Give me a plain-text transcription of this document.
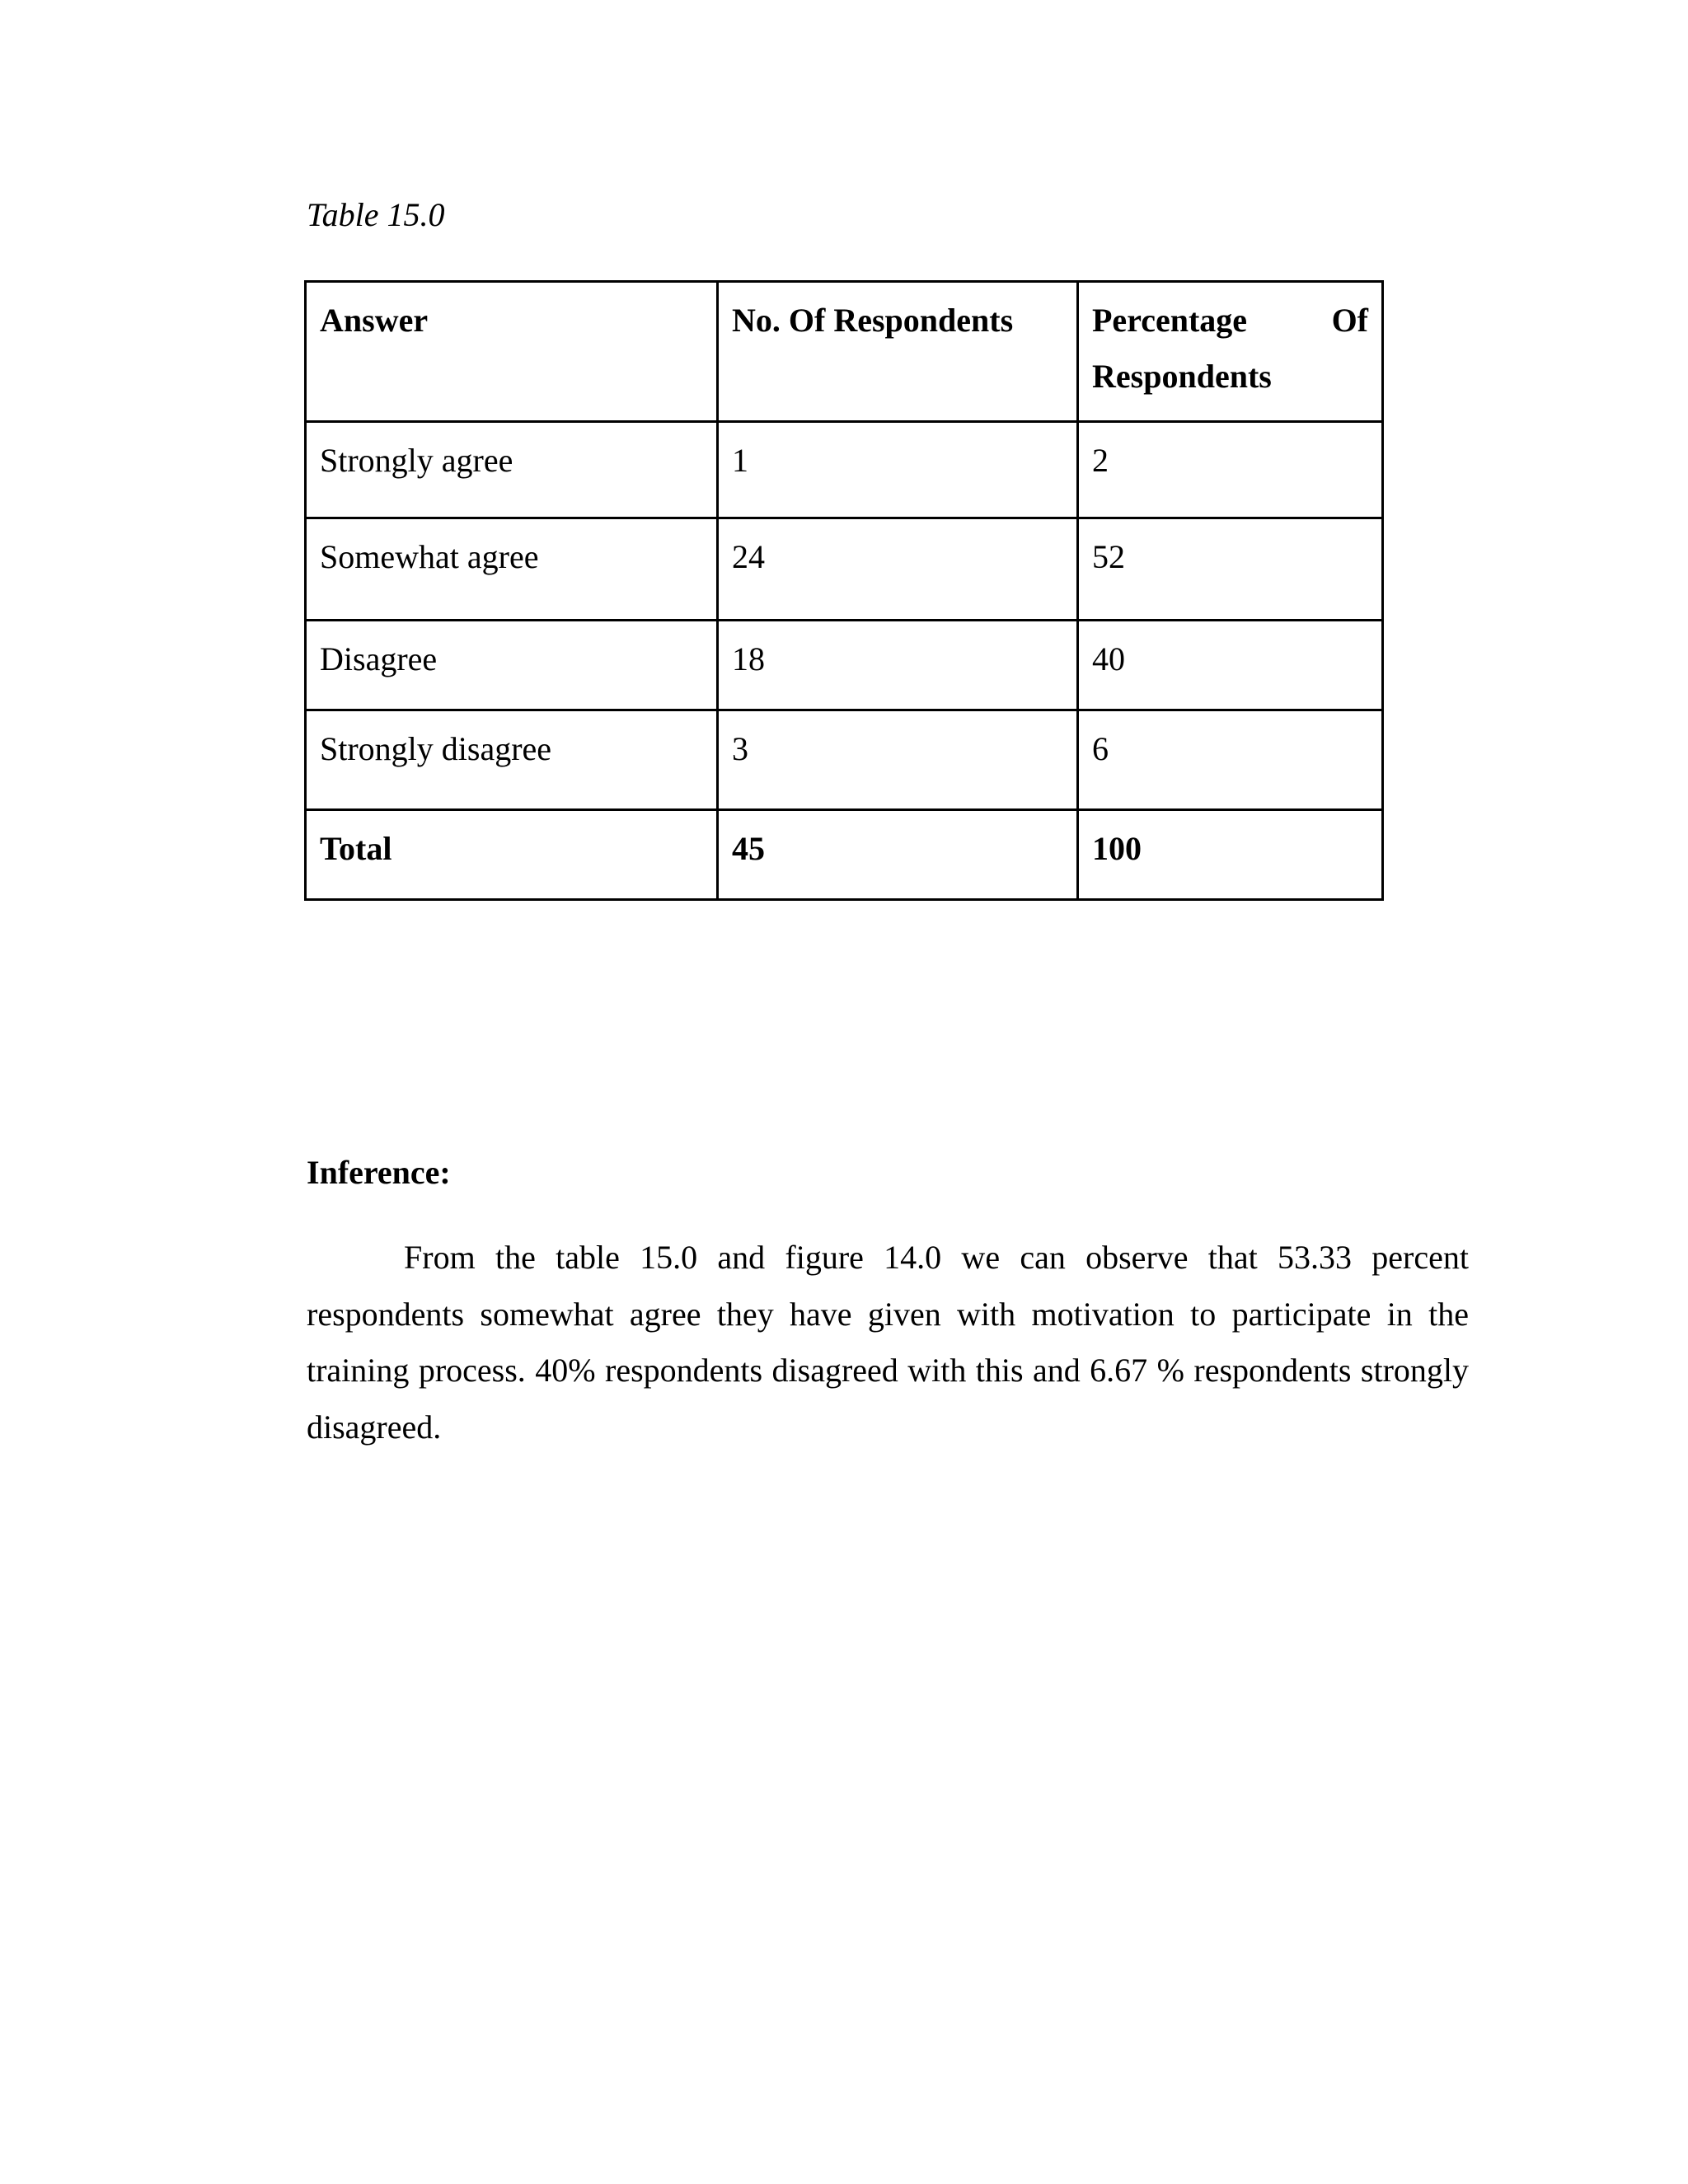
Table 15.0

Answer	No. Of Respondents	Percentage Of
Respondents
Strongly agree	1	2
Somewhat agree	24	52
Disagree	18	40
Strongly disagree	3	6
Total	45	100
Inference:

From the table 15.0 and figure 14.0 we can observe that 53.33 percent respondents somewhat agree they have given with motivation to participate in the training process. 40% respondents disagreed with this and 6.67 % respondents strongly disagreed.
